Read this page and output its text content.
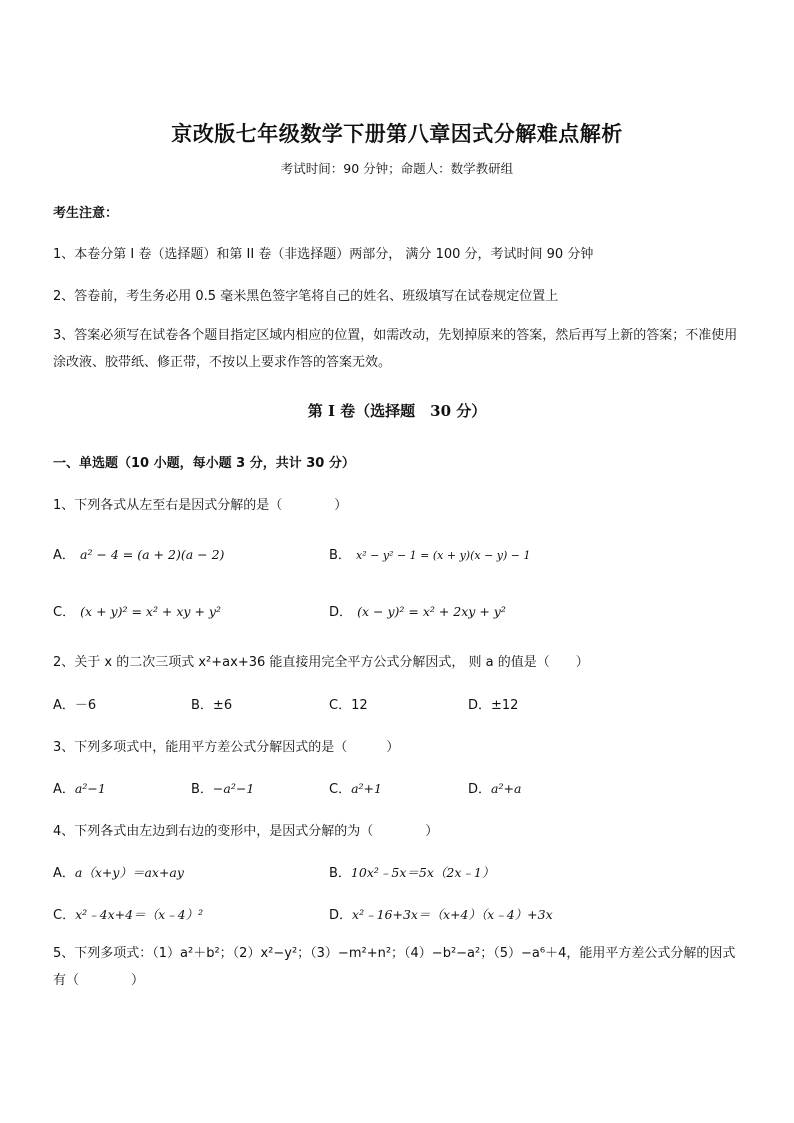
京改版七年级数学下册第八章因式分解难点解析
考试时间：90 分钟；命题人：数学教研组
考生注意：
1、本卷分第 I 卷（选择题）和第 II 卷（非选择题）两部分， 满分 100 分，考试时间 90 分钟
2、答卷前，考生务必用 0.5 毫米黑色签字笔将自己的姓名、班级填写在试卷规定位置上
3、答案必须写在试卷各个题目指定区域内相应的位置，如需改动，先划掉原来的答案，然后再写上新的答案；不准使用涂改液、胶带纸、修正带，不按以上要求作答的答案无效。
第 I 卷（选择题　30 分）
一、单选题（10 小题，每小题 3 分，共计 30 分）
1、下列各式从左至右是因式分解的是（　　　　）
A． a² − 4 = (a + 2)(a − 2)	B． x² − y² − 1 = (x + y)(x − y) − 1
C． (x + y)² = x² + xy + y²	D． (x − y)² = x² + 2xy + y²
2、关于 x 的二次三项式 x²+ax+36 能直接用完全平方公式分解因式， 则 a 的值是（　　）
A．－6	B．±6	C．12	D．±12
3、下列多项式中，能用平方差公式分解因式的是（　　　）
A．a²−1	B．−a²−1	C．a²+1	D．a²+a
4、下列各式由左边到右边的变形中，是因式分解的为（　　　　）
A．a（x+y）＝ax+ay	B．10x²﹣5x＝5x（2x﹣1）
C．x²﹣4x+4＝（x﹣4）²	D．x²﹣16+3x＝（x+4）（x﹣4）+3x
5、下列多项式：（1）a²＋b²；（2）x²−y²；（3）−m²+n²；（4）−b²−a²；（5）−a⁶＋4，能用平方差公式分解的因式有（　　　　）
